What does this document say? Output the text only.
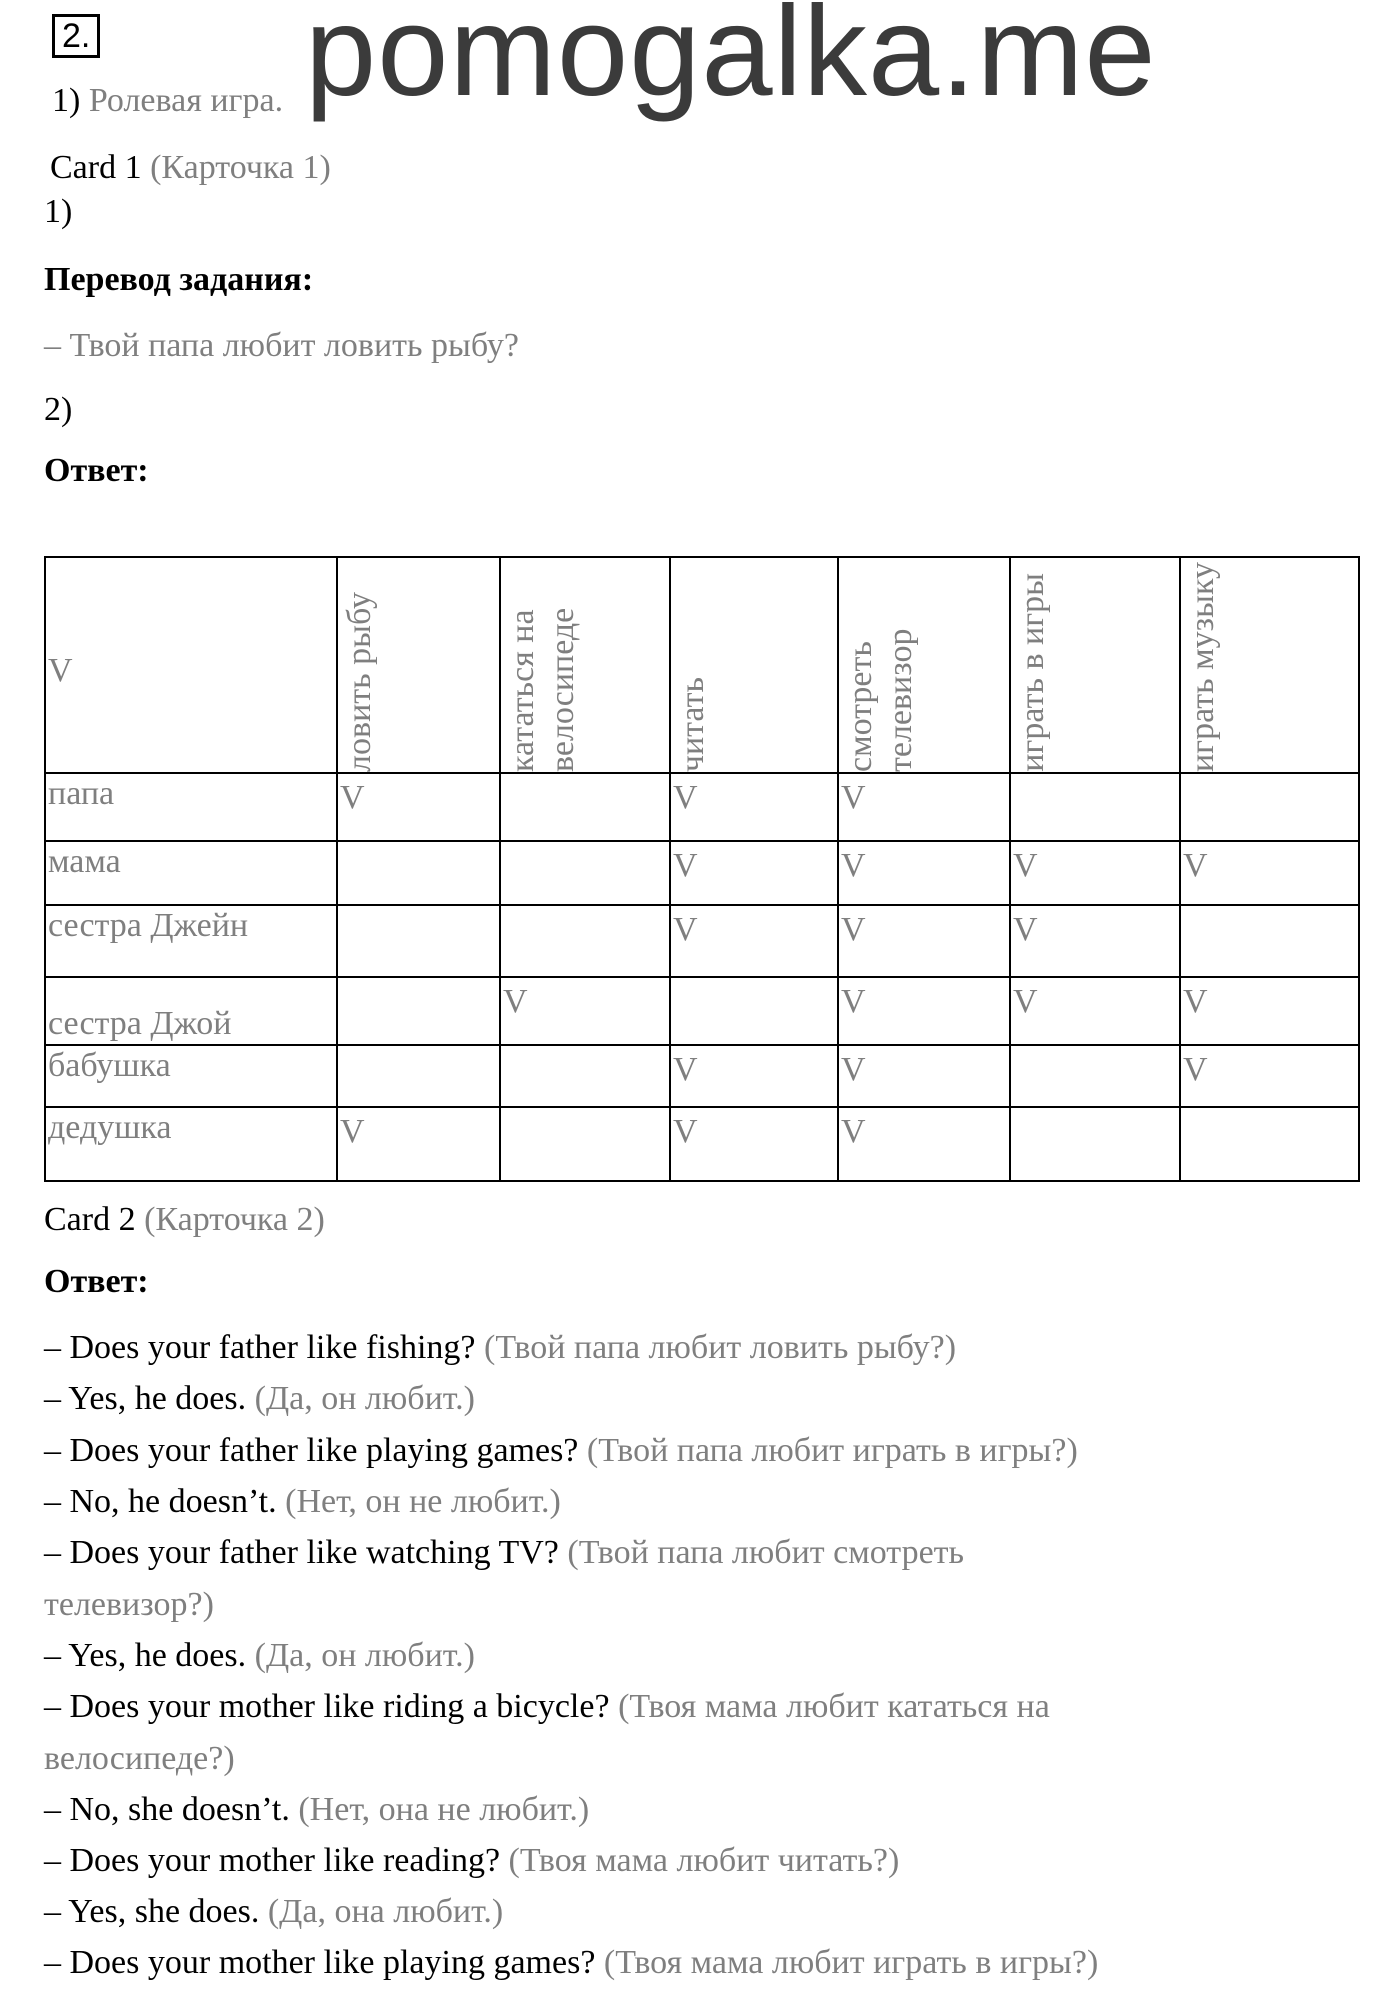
2. pomogalka.me
1) Ролевая игра.
Card 1 (Карточка 1)
1)
Перевод задания:
– Твой папа любит ловить рыбу?
2)
Ответ:
V	ловить рыбу	кататься на велосипеде	читать	смотреть телевизор	играть в игры	играть музыку

папа	V		V	V		

мама			V	V	V	V

сестра Джейн			V	V	V	

сестра Джой		V		V	V	V

бабушка			V	V		V

дедушка	V		V	V		

Card 2 (Карточка 2)
Ответ:
– Does your father like fishing? (Твой папа любит ловить рыбу?)
– Yes, he does. (Да, он любит.)
– Does your father like playing games? (Твой папа любит играть в игры?)
– No, he doesn’t. (Нет, он не любит.)
– Does your father like watching TV? (Твой папа любит смотреть
телевизор?)
– Yes, he does. (Да, он любит.)
– Does your mother like riding a bicycle? (Твоя мама любит кататься на
велосипеде?)
– No, she doesn’t. (Нет, она не любит.)
– Does your mother like reading? (Твоя мама любит читать?)
– Yes, she does. (Да, она любит.)
– Does your mother like playing games? (Твоя мама любит играть в игры?)
